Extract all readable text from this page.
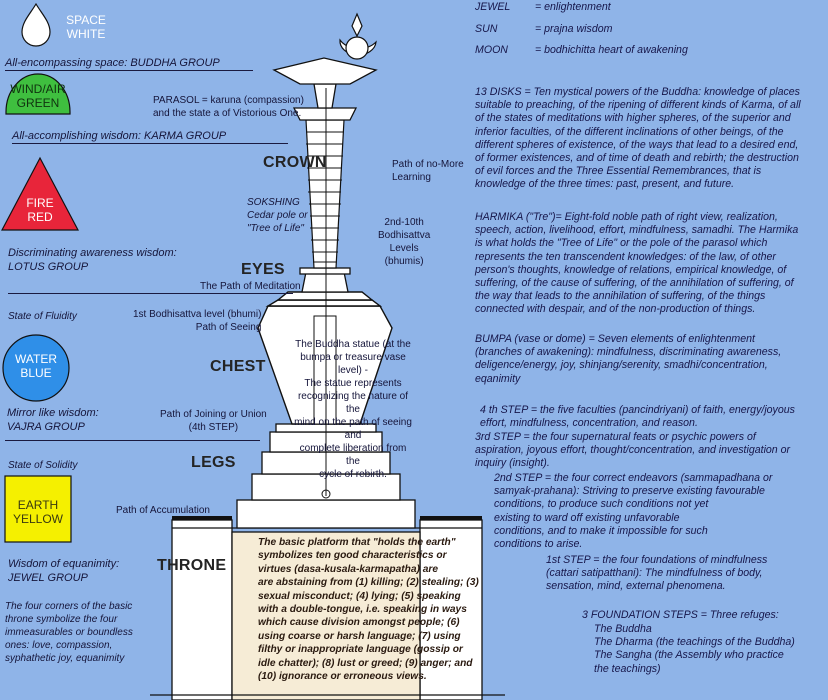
SPACE
WHITE
WIND/AIR
GREEN
FIRE
RED
WATER
BLUE
EARTH
YELLOW
All-encompassing space: BUDDHA GROUP
All-accomplishing wisdom: KARMA GROUP
Discriminating awareness wisdom:
LOTUS GROUP
State of Fluidity
Mirror like wisdom:
VAJRA GROUP
State of Solidity
Wisdom of equanimity:
JEWEL GROUP
The four corners of the basic
throne symbolize the four
immeasurables or boundless
ones: love, compassion,
syphathetic joy, equanimity
CROWN
EYES
CHEST
LEGS
THRONE
PARASOL = karuna (compassion)
and the state a of Vistorious One.
Path of no-More
Learning
SOKSHING
Cedar pole or
"Tree of Life"
2nd-10th
Bodhisattva
Levels
(bhumis)
The Path of Meditation
1st Bodhisattva level (bhumi)
Path of Seeing
Path of Joining or Union
(4th STEP)
Path of Accumulation
The Buddha statue (at the
bumpa or treasure vase level) -
The statue represents
recognizing the nature of the
mind on the path of seeing and
complete liberation from the
cycle of rebirth.
The basic platform that "holds the earth"
symbolizes ten good characteristics or
virtues (dasa-kusala-karmapatha) are
are abstaining from (1) killing; (2) stealing; (3)
sexual misconduct; (4) lying; (5) speaking
with a double-tongue, i.e. speaking in ways
which cause division amongst people; (6)
using coarse or harsh language; (7) using
filthy or inappropriate language (gossip or
idle chatter); (8) lust or greed; (9) anger; and
(10) ignorance or erroneous views.
JEWEL = enlightenment
SUN	= prajna wisdom
MOON	= bodhichitta heart of awakening
13 DISKS = Ten mystical powers of the Buddha: knowledge of places
suitable to preaching, of the ripening of different kinds of Karma, of all
of the states of meditations with higher spheres, of the superior and
inferior faculties, of the different inclinations of other beings, of the
different spheres of existence, of the ways that lead to a desired end,
of former existences, and of time of death and rebirth; the destruction
of evil forces and the Three Essential Remembrances, that is
knowledge of the three times: past, present, and future.
HARMIKA ("Tre")= Eight-fold noble path of right view, realization,
speech, action, livelihood, effort, mindfulness, samadhi. The Harmika
is what holds the "Tree of Life" or the pole of the parasol which
represents the ten transcendent knowledges: of the law, of other
person's thoughts, knowledge of relations, empirical knowledge, of
suffering, of the cause of suffering, of the annihilation of suffering, of
the way that leads to the annihilation of suffering, of the things
connected with despair, and of the non-production of things.
BUMPA (vase or dome) = Seven elements of enlightenment
(branches of awakening): mindfulness, discriminating awareness,
deligence/energy, joy, shinjang/serenity, smadhi/concentration,
eqanimity
4 th STEP = the five faculties (pancindriyani) of faith, energy/joyous
effort, mindfulness, concentration, and reason.
3rd STEP = the four supernatural feats or psychic powers of
aspiration, joyous effort, thought/concentration, and investigation or
inquiry (insight).
2nd STEP = the four correct endeavors (sammapadhana or
samyak-prahana): Striving to preserve existing favourable
conditions, to produce such conditions not yet
existing to ward off existing unfavorable
conditions, and to make it impossible for such
conditions to arise.
1st STEP = the four foundations of mindfulness
(cattari satipatthani): The mindfulness of body,
sensation, mind, external phenomena.
3 FOUNDATION STEPS = Three refuges:
The Buddha
The Dharma (the teachings of the Buddha)
The Sangha (the Assembly who practice
the teachings)
